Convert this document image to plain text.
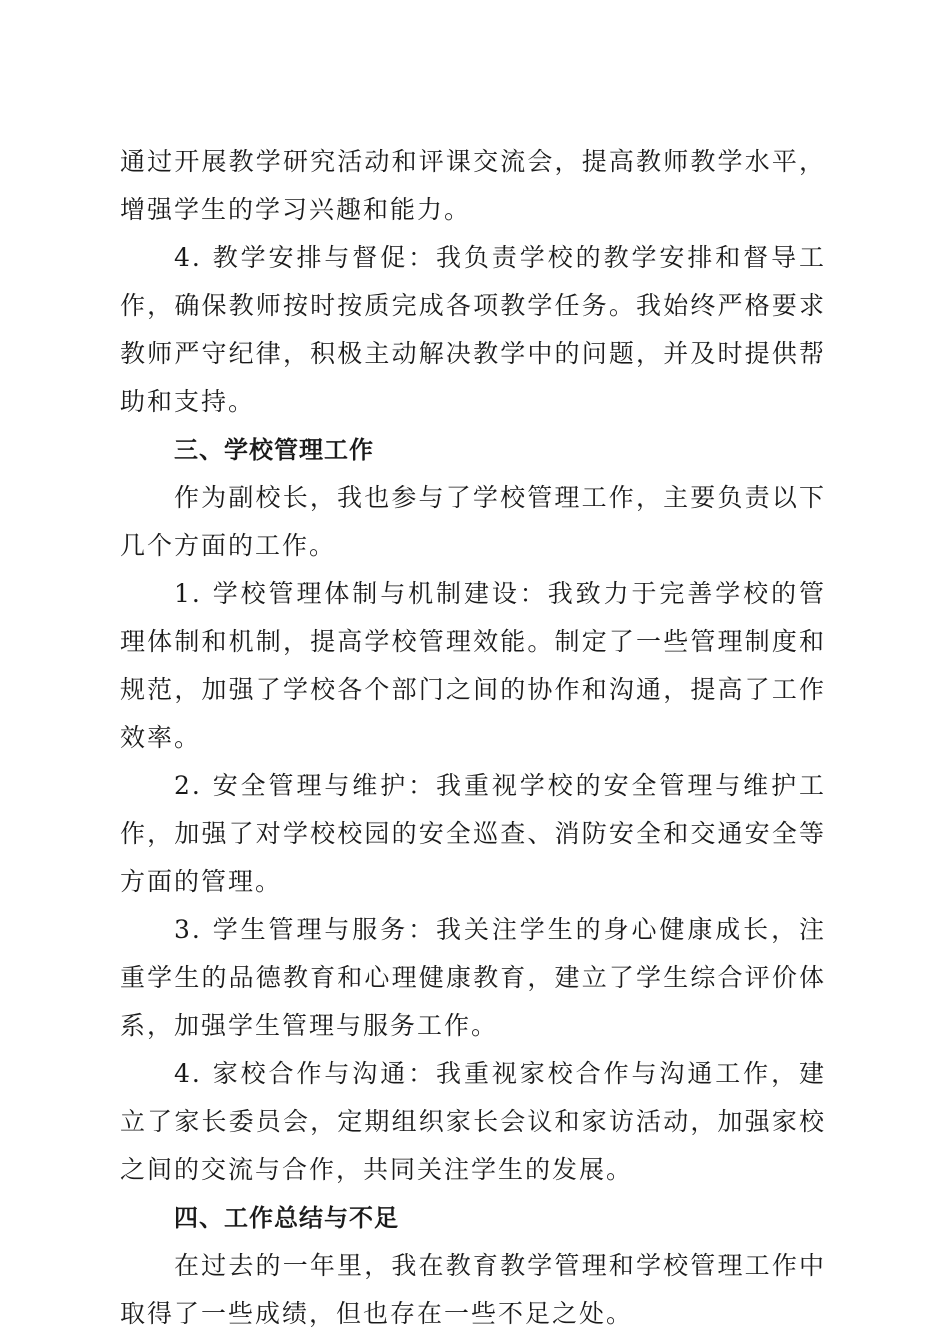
通过开展教学研究活动和评课交流会，提高教师教学水平，增强学生的学习兴趣和能力。

4. 教学安排与督促：我负责学校的教学安排和督导工作，确保教师按时按质完成各项教学任务。我始终严格要求教师严守纪律，积极主动解决教学中的问题，并及时提供帮助和支持。

三、学校管理工作

作为副校长，我也参与了学校管理工作，主要负责以下几个方面的工作。

1. 学校管理体制与机制建设：我致力于完善学校的管理体制和机制，提高学校管理效能。制定了一些管理制度和规范，加强了学校各个部门之间的协作和沟通，提高了工作效率。

2. 安全管理与维护：我重视学校的安全管理与维护工作，加强了对学校校园的安全巡查、消防安全和交通安全等方面的管理。

3. 学生管理与服务：我关注学生的身心健康成长，注重学生的品德教育和心理健康教育，建立了学生综合评价体系，加强学生管理与服务工作。

4. 家校合作与沟通：我重视家校合作与沟通工作，建立了家长委员会，定期组织家长会议和家访活动，加强家校之间的交流与合作，共同关注学生的发展。

四、工作总结与不足

在过去的一年里，我在教育教学管理和学校管理工作中取得了一些成绩，但也存在一些不足之处。
